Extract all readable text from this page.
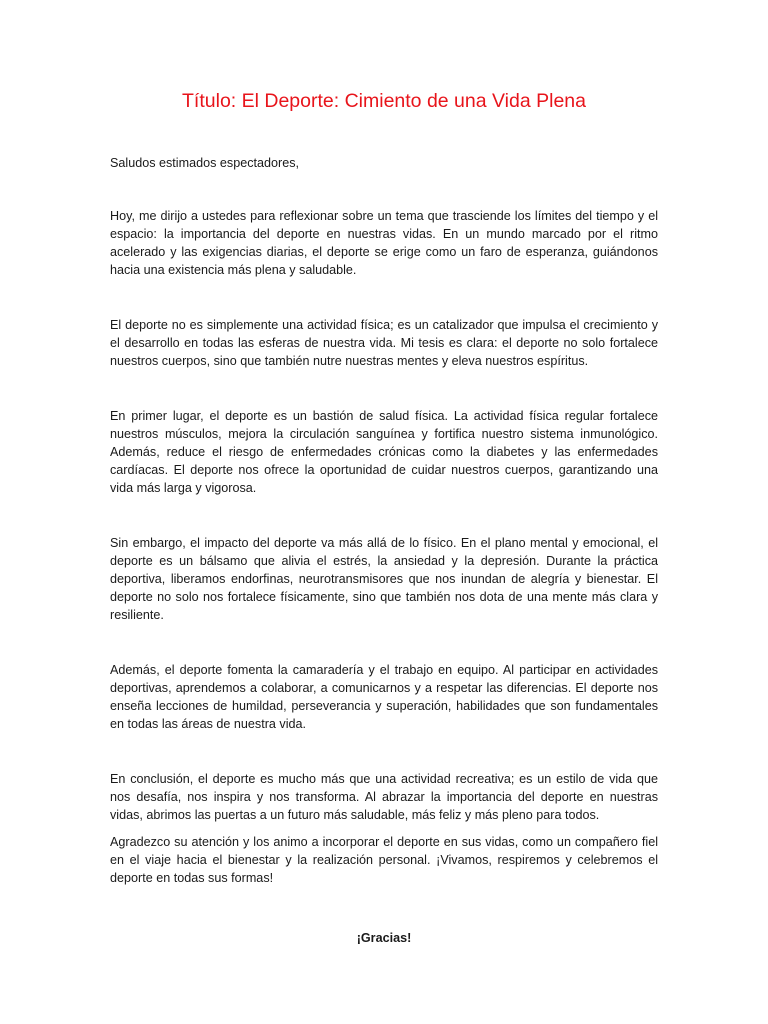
Título: El Deporte: Cimiento de una Vida Plena

Saludos estimados espectadores,

Hoy, me dirijo a ustedes para reflexionar sobre un tema que trasciende los límites del tiempo y el espacio: la importancia del deporte en nuestras vidas. En un mundo marcado por el ritmo acelerado y las exigencias diarias, el deporte se erige como un faro de esperanza, guiándonos hacia una existencia más plena y saludable.

El deporte no es simplemente una actividad física; es un catalizador que impulsa el crecimiento y el desarrollo en todas las esferas de nuestra vida. Mi tesis es clara: el deporte no solo fortalece nuestros cuerpos, sino que también nutre nuestras mentes y eleva nuestros espíritus.

En primer lugar, el deporte es un bastión de salud física. La actividad física regular fortalece nuestros músculos, mejora la circulación sanguínea y fortifica nuestro sistema inmunológico. Además, reduce el riesgo de enfermedades crónicas como la diabetes y las enfermedades cardíacas. El deporte nos ofrece la oportunidad de cuidar nuestros cuerpos, garantizando una vida más larga y vigorosa.

Sin embargo, el impacto del deporte va más allá de lo físico. En el plano mental y emocional, el deporte es un bálsamo que alivia el estrés, la ansiedad y la depresión. Durante la práctica deportiva, liberamos endorfinas, neurotransmisores que nos inundan de alegría y bienestar. El deporte no solo nos fortalece físicamente, sino que también nos dota de una mente más clara y resiliente.

Además, el deporte fomenta la camaradería y el trabajo en equipo. Al participar en actividades deportivas, aprendemos a colaborar, a comunicarnos y a respetar las diferencias. El deporte nos enseña lecciones de humildad, perseverancia y superación, habilidades que son fundamentales en todas las áreas de nuestra vida.

En conclusión, el deporte es mucho más que una actividad recreativa; es un estilo de vida que nos desafía, nos inspira y nos transforma. Al abrazar la importancia del deporte en nuestras vidas, abrimos las puertas a un futuro más saludable, más feliz y más pleno para todos.

Agradezco su atención y los animo a incorporar el deporte en sus vidas, como un compañero fiel en el viaje hacia el bienestar y la realización personal. ¡Vivamos, respiremos y celebremos el deporte en todas sus formas!

¡Gracias!
